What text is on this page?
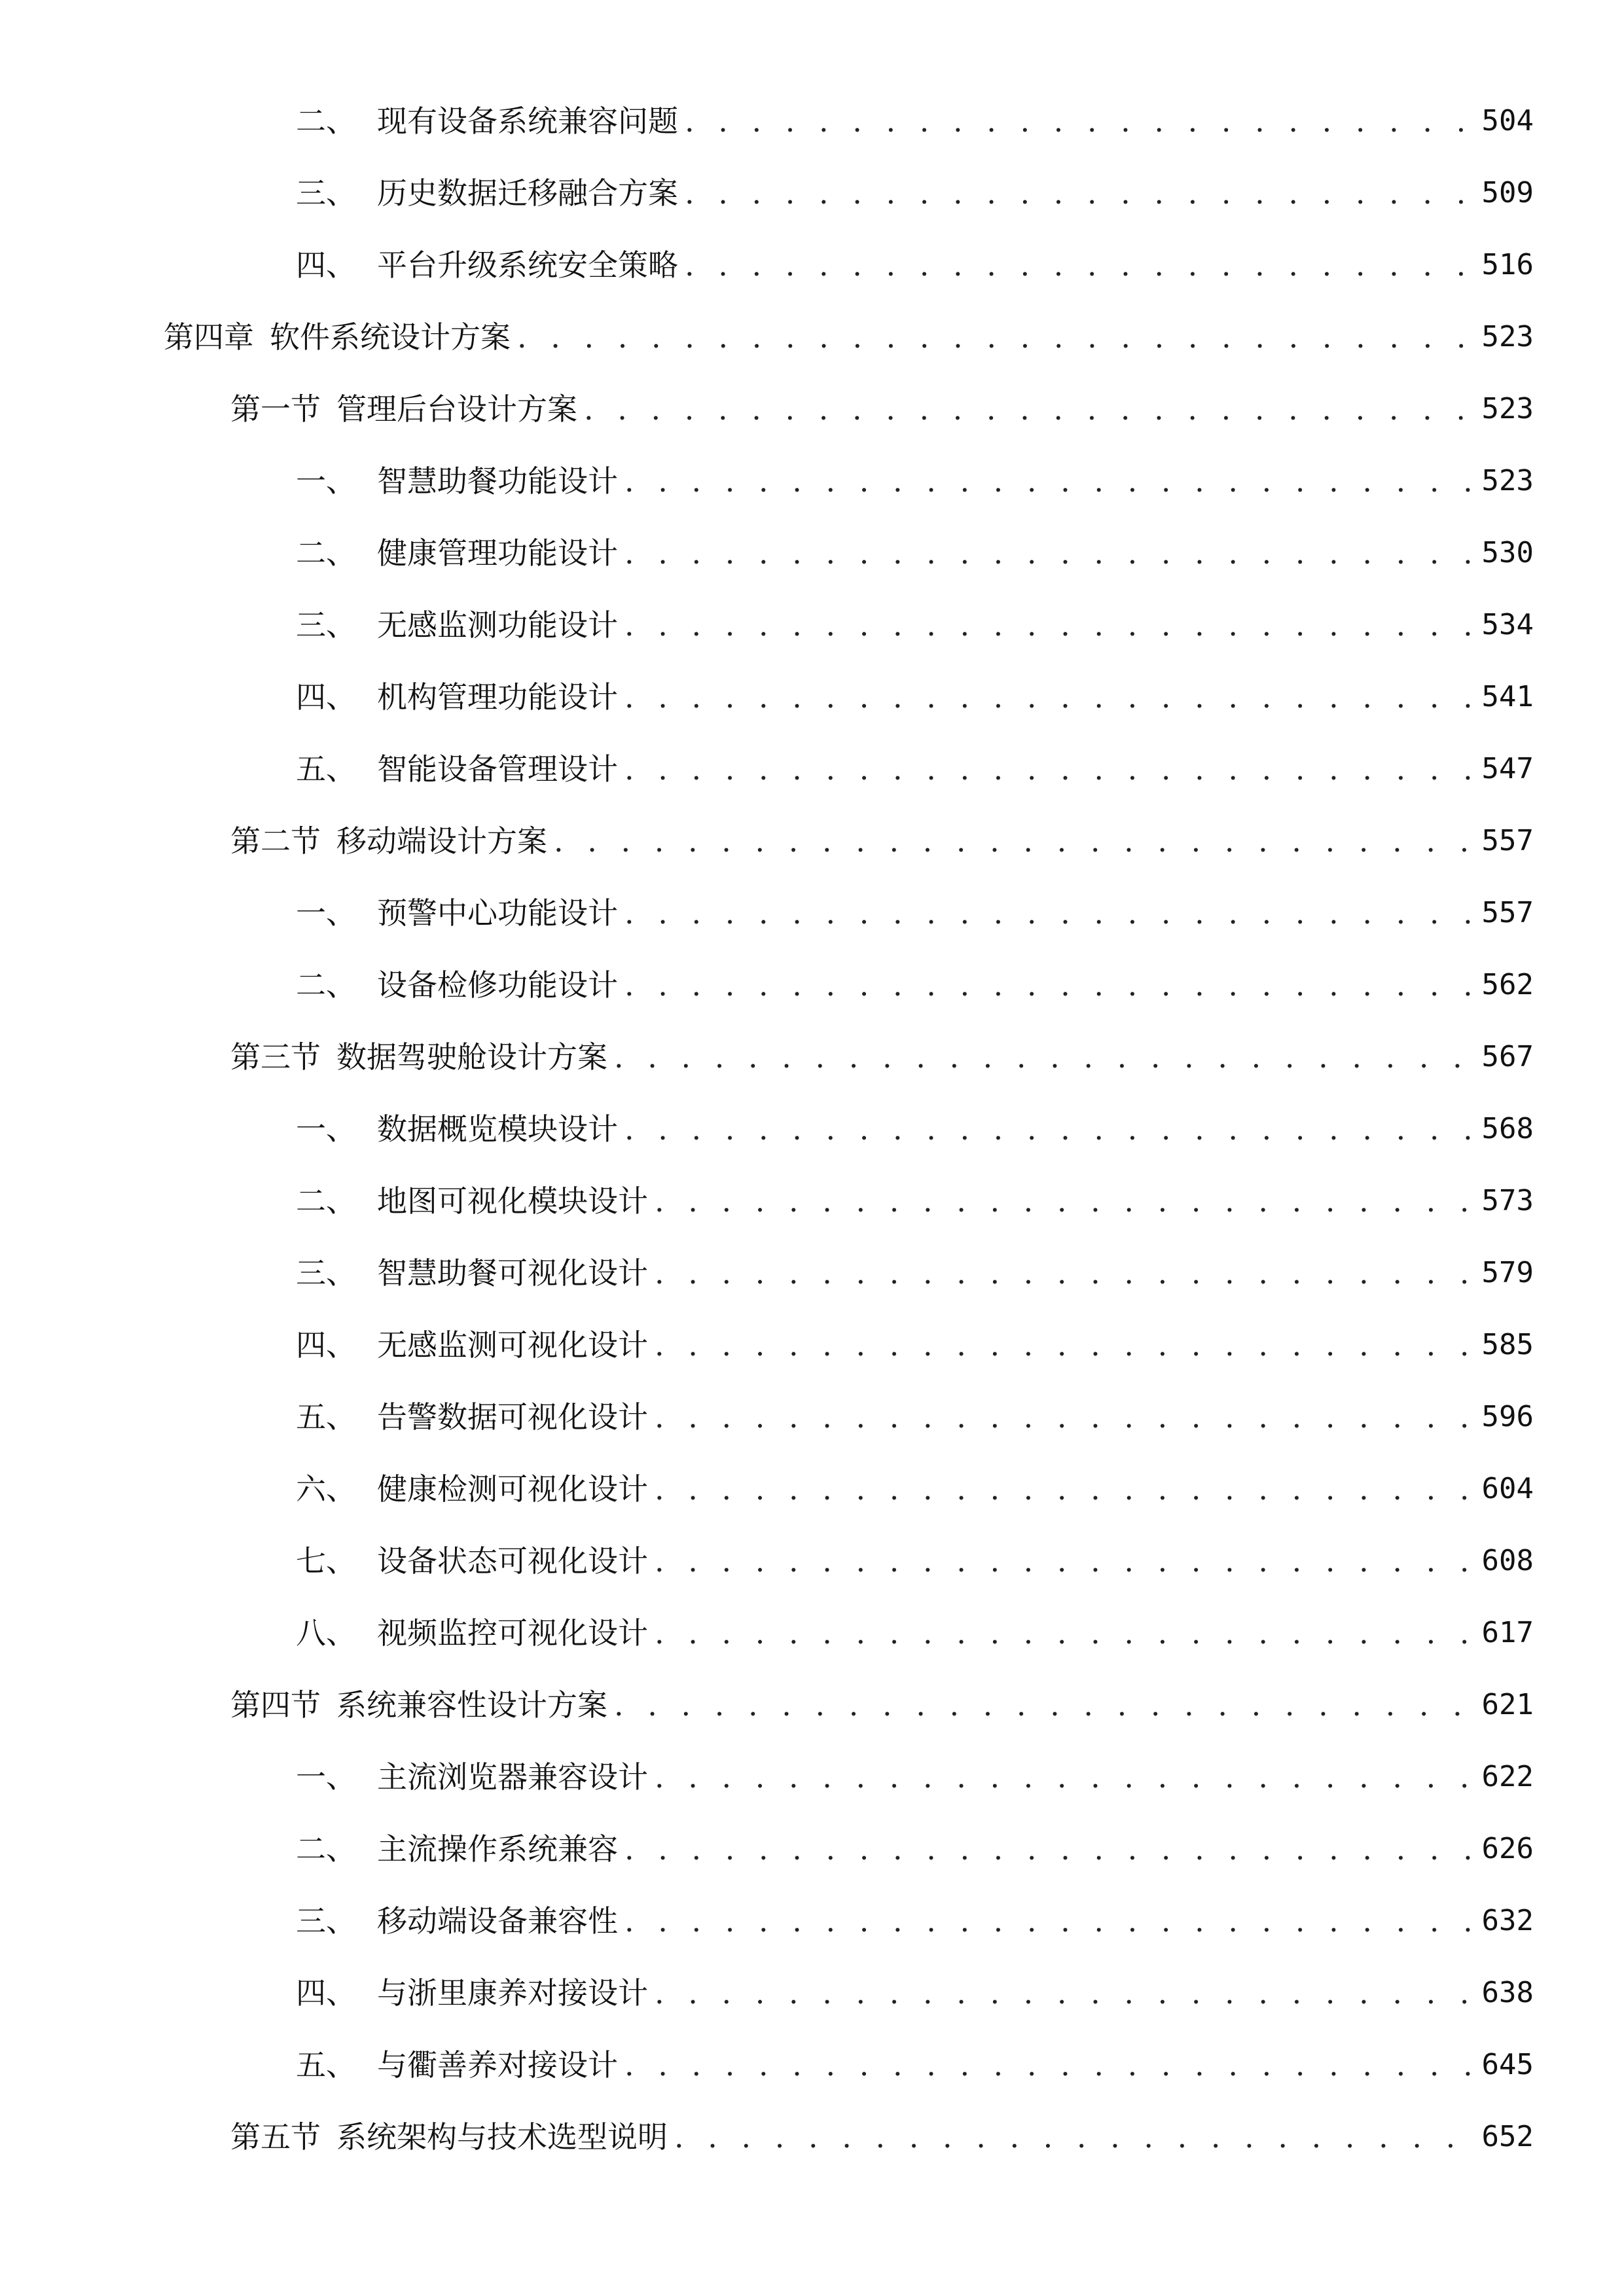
二、 现有设备系统兼容问题 . . .	504
三、 历史数据迁移融合方案 . . .	509
四、 平台升级系统安全策略 . . .	516
第四章 软件系统设计方案 . . .	523
第一节 管理后台设计方案 . . .	523
一、 智慧助餐功能设计 . . .	523
二、 健康管理功能设计 . . .	530
三、 无感监测功能设计 . . .	534
四、 机构管理功能设计 . . .	541
五、 智能设备管理设计 . . .	547
第二节 移动端设计方案 . . .	557
一、 预警中心功能设计 . . .	557
二、 设备检修功能设计 . . .	562
第三节 数据驾驶舱设计方案 . . .	567
一、 数据概览模块设计 . . .	568
二、 地图可视化模块设计 . . .	573
三、 智慧助餐可视化设计 . . .	579
四、 无感监测可视化设计 . . .	585
五、 告警数据可视化设计 . . .	596
六、 健康检测可视化设计 . . .	604
七、 设备状态可视化设计 . . .	608
八、 视频监控可视化设计 . . .	617
第四节 系统兼容性设计方案 . . .	621
一、 主流浏览器兼容设计 . . .	622
二、 主流操作系统兼容 . . .	626
三、 移动端设备兼容性 . . .	632
四、 与浙里康养对接设计 . . .	638
五、 与衢善养对接设计 . . .	645
第五节 系统架构与技术选型说明 . . .	652
